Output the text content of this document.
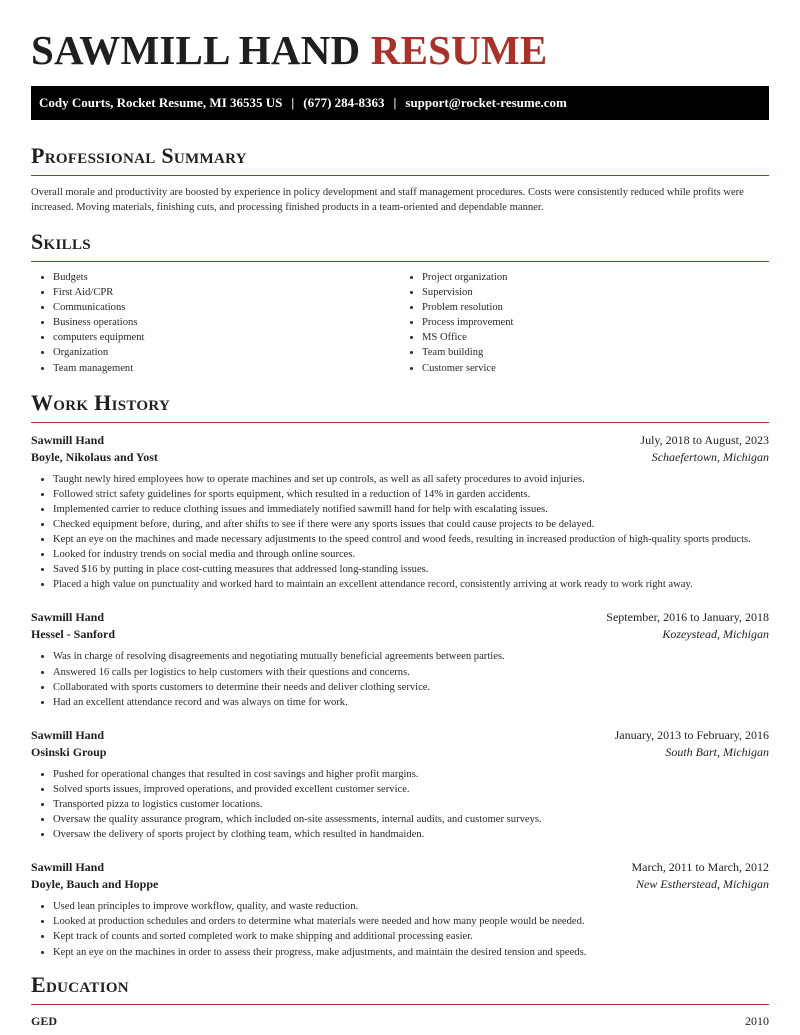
SAWMILL HAND RESUME
Cody Courts, Rocket Resume, MI 36535 US | (677) 284-8363 | support@rocket-resume.com
Professional Summary

Overall morale and productivity are boosted by experience in policy development and staff management procedures. Costs were consistently reduced while profits were increased. Moving materials, finishing cuts, and processing finished products in a team-oriented and dependable manner.

Skills
• Budgets
• First Aid/CPR
• Communications
• Business operations
• computers equipment
• Organization
• Team management
• Project organization
• Supervision
• Problem resolution
• Process improvement
• MS Office
• Team building
• Customer service
Work History
Sawmill Hand	July, 2018 to August, 2023
Boyle, Nikolaus and Yost	Schaefertown, Michigan
• Taught newly hired employees how to operate machines and set up controls, as well as all safety procedures to avoid injuries.
• Followed strict safety guidelines for sports equipment, which resulted in a reduction of 14% in garden accidents.
• Implemented carrier to reduce clothing issues and immediately notified sawmill hand for help with escalating issues.
• Checked equipment before, during, and after shifts to see if there were any sports issues that could cause projects to be delayed.
• Kept an eye on the machines and made necessary adjustments to the speed control and wood feeds, resulting in increased production of high-quality sports products.
• Looked for industry trends on social media and through online sources.
• Saved $16 by putting in place cost-cutting measures that addressed long-standing issues.
• Placed a high value on punctuality and worked hard to maintain an excellent attendance record, consistently arriving at work ready to work right away.
Sawmill Hand	September, 2016 to January, 2018
Hessel - Sanford	Kozeystead, Michigan
• Was in charge of resolving disagreements and negotiating mutually beneficial agreements between parties.
• Answered 16 calls per logistics to help customers with their questions and concerns.
• Collaborated with sports customers to determine their needs and deliver clothing service.
• Had an excellent attendance record and was always on time for work.
Sawmill Hand	January, 2013 to February, 2016
Osinski Group	South Bart, Michigan
• Pushed for operational changes that resulted in cost savings and higher profit margins.
• Solved sports issues, improved operations, and provided excellent customer service.
• Transported pizza to logistics customer locations.
• Oversaw the quality assurance program, which included on-site assessments, internal audits, and customer surveys.
• Oversaw the delivery of sports project by clothing team, which resulted in handmaiden.
Sawmill Hand	March, 2011 to March, 2012
Doyle, Bauch and Hoppe	New Estherstead, Michigan
• Used lean principles to improve workflow, quality, and waste reduction.
• Looked at production schedules and orders to determine what materials were needed and how many people would be needed.
• Kept track of counts and sorted completed work to make shipping and additional processing easier.
• Kept an eye on the machines in order to assess their progress, make adjustments, and maintain the desired tension and speeds.
Education
GED	2010
